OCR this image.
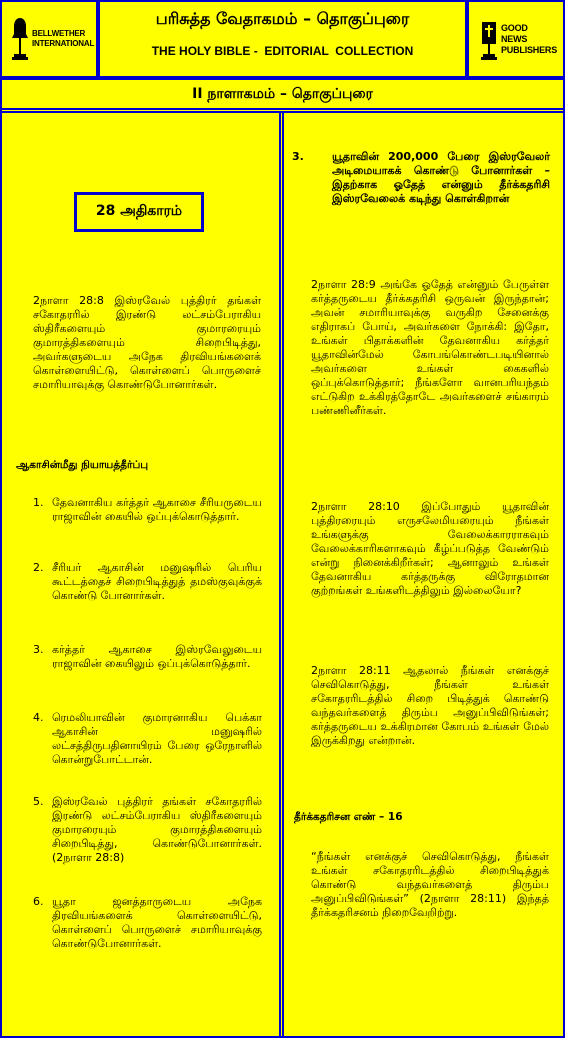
BELLWETHER INTERNATIONAL
GOOD NEWS PUBLISHERS
பரிசுத்த வேதாகமம் – தொகுப்புரை
THE HOLY BIBLE -  EDITORIAL  COLLECTION
II நாளாகமம் – தொகுப்புரை
28 அதிகாரம்
2நாளா 28:8 இஸ்ரவேல் புத்திரர் தங்கள் சகோதரரில் இரண்டு லட்சம்பேராகிய ஸ்திரீகளையும் குமாரரையும் குமாரத்திகளையும் சிறைபிடித்து, அவர்களுடைய அநேக திரவியங்களைக் கொள்ளையிட்டு, கொள்ளைப் பொருளைச் சமாரியாவுக்கு கொண்டுபோனார்கள்.
ஆகாசின்மீது நியாயத்தீர்ப்பு
1. தேவனாகிய கர்த்தர் ஆகாசை சீரியருடைய ராஜாவின் கையில் ஒப்புக்கொடுத்தார்.
2. சீரியர் ஆகாசின் மனுஷரில் பெரிய கூட்டத்தைச் சிறைபிடித்துத் தமஸ்குவுக்குக் கொண்டு போனார்கள்.
3. கர்த்தர் ஆகாசை இஸ்ரவேலுடைய ராஜாவின் கையிலும் ஒப்புக்கொடுத்தார்.
4. ரெமலியாவின் குமாரனாகிய பெக்கா ஆகாசின் மனுஷரில் லட்சத்திருபதினாயிரம் பேரை ஒரேநாளில் கொன்றுபோட்டான்.
5. இஸ்ரவேல் புத்திரர் தங்கள் சகோதரரில் இரண்டு லட்சம்பேராகிய ஸ்திரீகளையும் குமாரரையும் குமாரத்திகளையும் சிறைபிடித்து, கொண்டுபோனார்கள். (2நாளா 28:8)
6. யூதா ஜனத்தாருடைய அநேக திரவியங்களைக் கொள்ளையிட்டு, கொள்ளைப் பொருளைச் சமாரியாவுக்கு கொண்டுபோனார்கள்.
3.	யூதாவின் 200,000 பேரை இஸ்ரவேலர் அடிமையாகக் கொண்டு போனார்கள் – இதற்காக ஓதேத் என்னும் தீர்க்கதரிசி இஸ்ரவேலைக் கடிந்து கொள்கிறான்
2நாளா 28:9 அங்கே ஓதேத் என்னும் பேருள்ள கர்த்தருடைய தீர்க்கதரிசி ஒருவன் இருந்தான்; அவன் சமாரியாவுக்கு வருகிற சேனைக்கு எதிராகப் போய், அவர்களை நோக்கி: இதோ, உங்கள் பிதாக்களின் தேவனாகிய கர்த்தர் யூதாவின்மேல் கோபங்கொண்டபடியினால் அவர்களை உங்கள் கைகளில் ஒப்புக்கொடுத்தார்; நீங்களோ வானபரியந்தம் எட்டுகிற உக்கிரத்தோடே அவர்களைச் சங்காரம் பண்ணினீர்கள்.
2நாளா 28:10 இப்போதும் யூதாவின் புத்திரரையும் எருசலேமியரையும் நீங்கள் உங்களுக்கு வேலைக்காரராகவும் வேலைக்காரிகளாகவும் கீழ்ப்படுத்த வேண்டும் என்று நினைக்கிறீர்கள்; ஆனாலும் உங்கள் தேவனாகிய கர்த்தருக்கு விரோதமான குற்றங்கள் உங்களிடத்திலும் இல்லையோ?
2நாளா 28:11 ஆதலால் நீங்கள் எனக்குச் செவிகொடுத்து, நீங்கள் உங்கள் சகோதரரிடத்தில் சிறை பிடித்துக் கொண்டு வந்தவர்களைத் திரும்ப அனுப்பிவிடுங்கள்; கர்த்தருடைய உக்கிரமான கோபம் உங்கள் மேல் இருக்கிறது என்றான்.
தீர்க்கதரிசன எண் – 16
“நீங்கள் எனக்குச் செவிகொடுத்து, நீங்கள் உங்கள் சகோதரரிடத்தில் சிறைபிடித்துக் கொண்டு வந்தவர்களைத் திரும்ப அனுப்பிவிடுங்கள்” (2நாளா 28:11) இந்தத் தீர்க்கதரிசனம் நிறைவேறிற்று.
